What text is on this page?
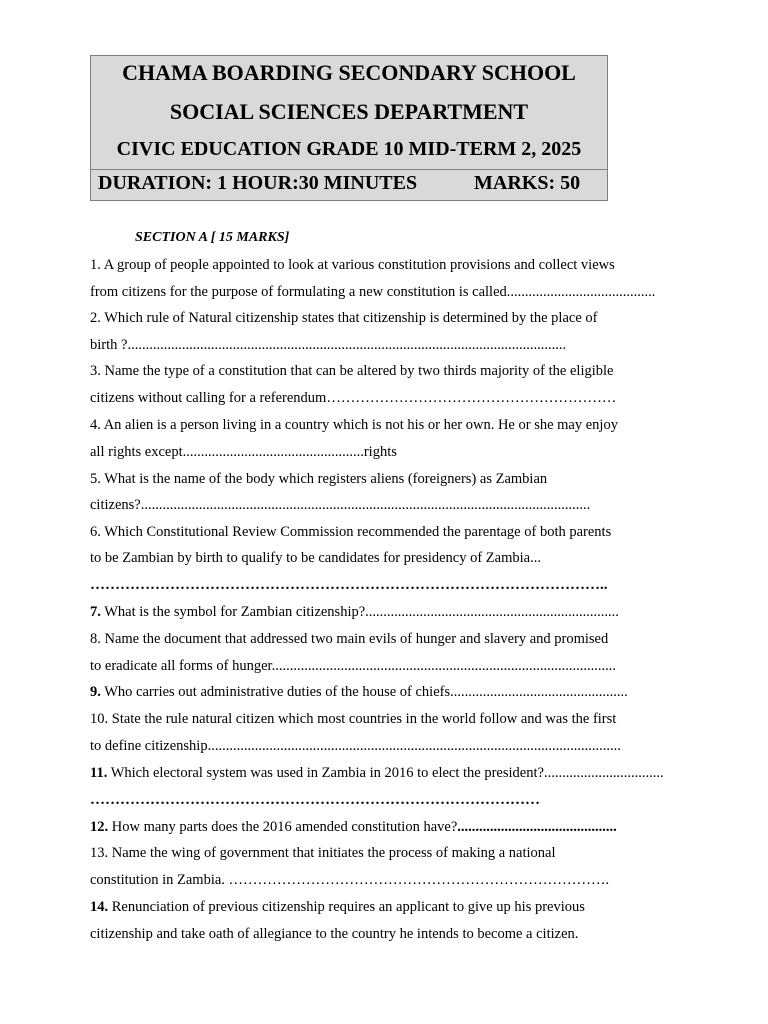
CHAMA BOARDING SECONDARY SCHOOL
SOCIAL SCIENCES DEPARTMENT
CIVIC EDUCATION GRADE 10 MID-TERM 2, 2025
DURATION: 1 HOUR:30 MINUTES	MARKS: 50
SECTION A [ 15 MARKS]
1. A group of people appointed to look at various constitution provisions and collect views
from citizens for the purpose of formulating a new constitution is called.........................................
2. Which rule of Natural citizenship states that citizenship is determined by the place of
birth ?.........................................................................................................................
3. Name the type of a constitution that can be altered by two thirds majority of the eligible
citizens without calling for a referendum……………………………………………………
4. An alien is a person living in a country which is not his or her own. He or she may enjoy
all rights except..................................................rights
5. What is the name of the body which registers aliens (foreigners) as Zambian
citizens?............................................................................................................................
6. Which Constitutional Review Commission recommended the parentage of both parents
to be Zambian by birth to qualify to be candidates for presidency of Zambia...
…………………………………………………………………………………………..
7. What is the symbol for Zambian citizenship?......................................................................
8. Name the document that addressed two main evils of hunger and slavery and promised
to eradicate all forms of hunger...............................................................................................
9. Who carries out administrative duties of the house of chiefs.................................................
10. State the rule natural citizen which most countries in the world follow and was the first
to define citizenship..................................................................................................................
11. Which electoral system was used in Zambia in 2016 to elect the president?.................................
………………………………………………………………………………
12. How many parts does the 2016 amended constitution have?............................................
13. Name the wing of government that initiates the process of making a national
constitution in Zambia. …………………………………………………………………….
14. Renunciation of previous citizenship requires an applicant to give up his previous
citizenship and take oath of allegiance to the country he intends to become a citizen.
